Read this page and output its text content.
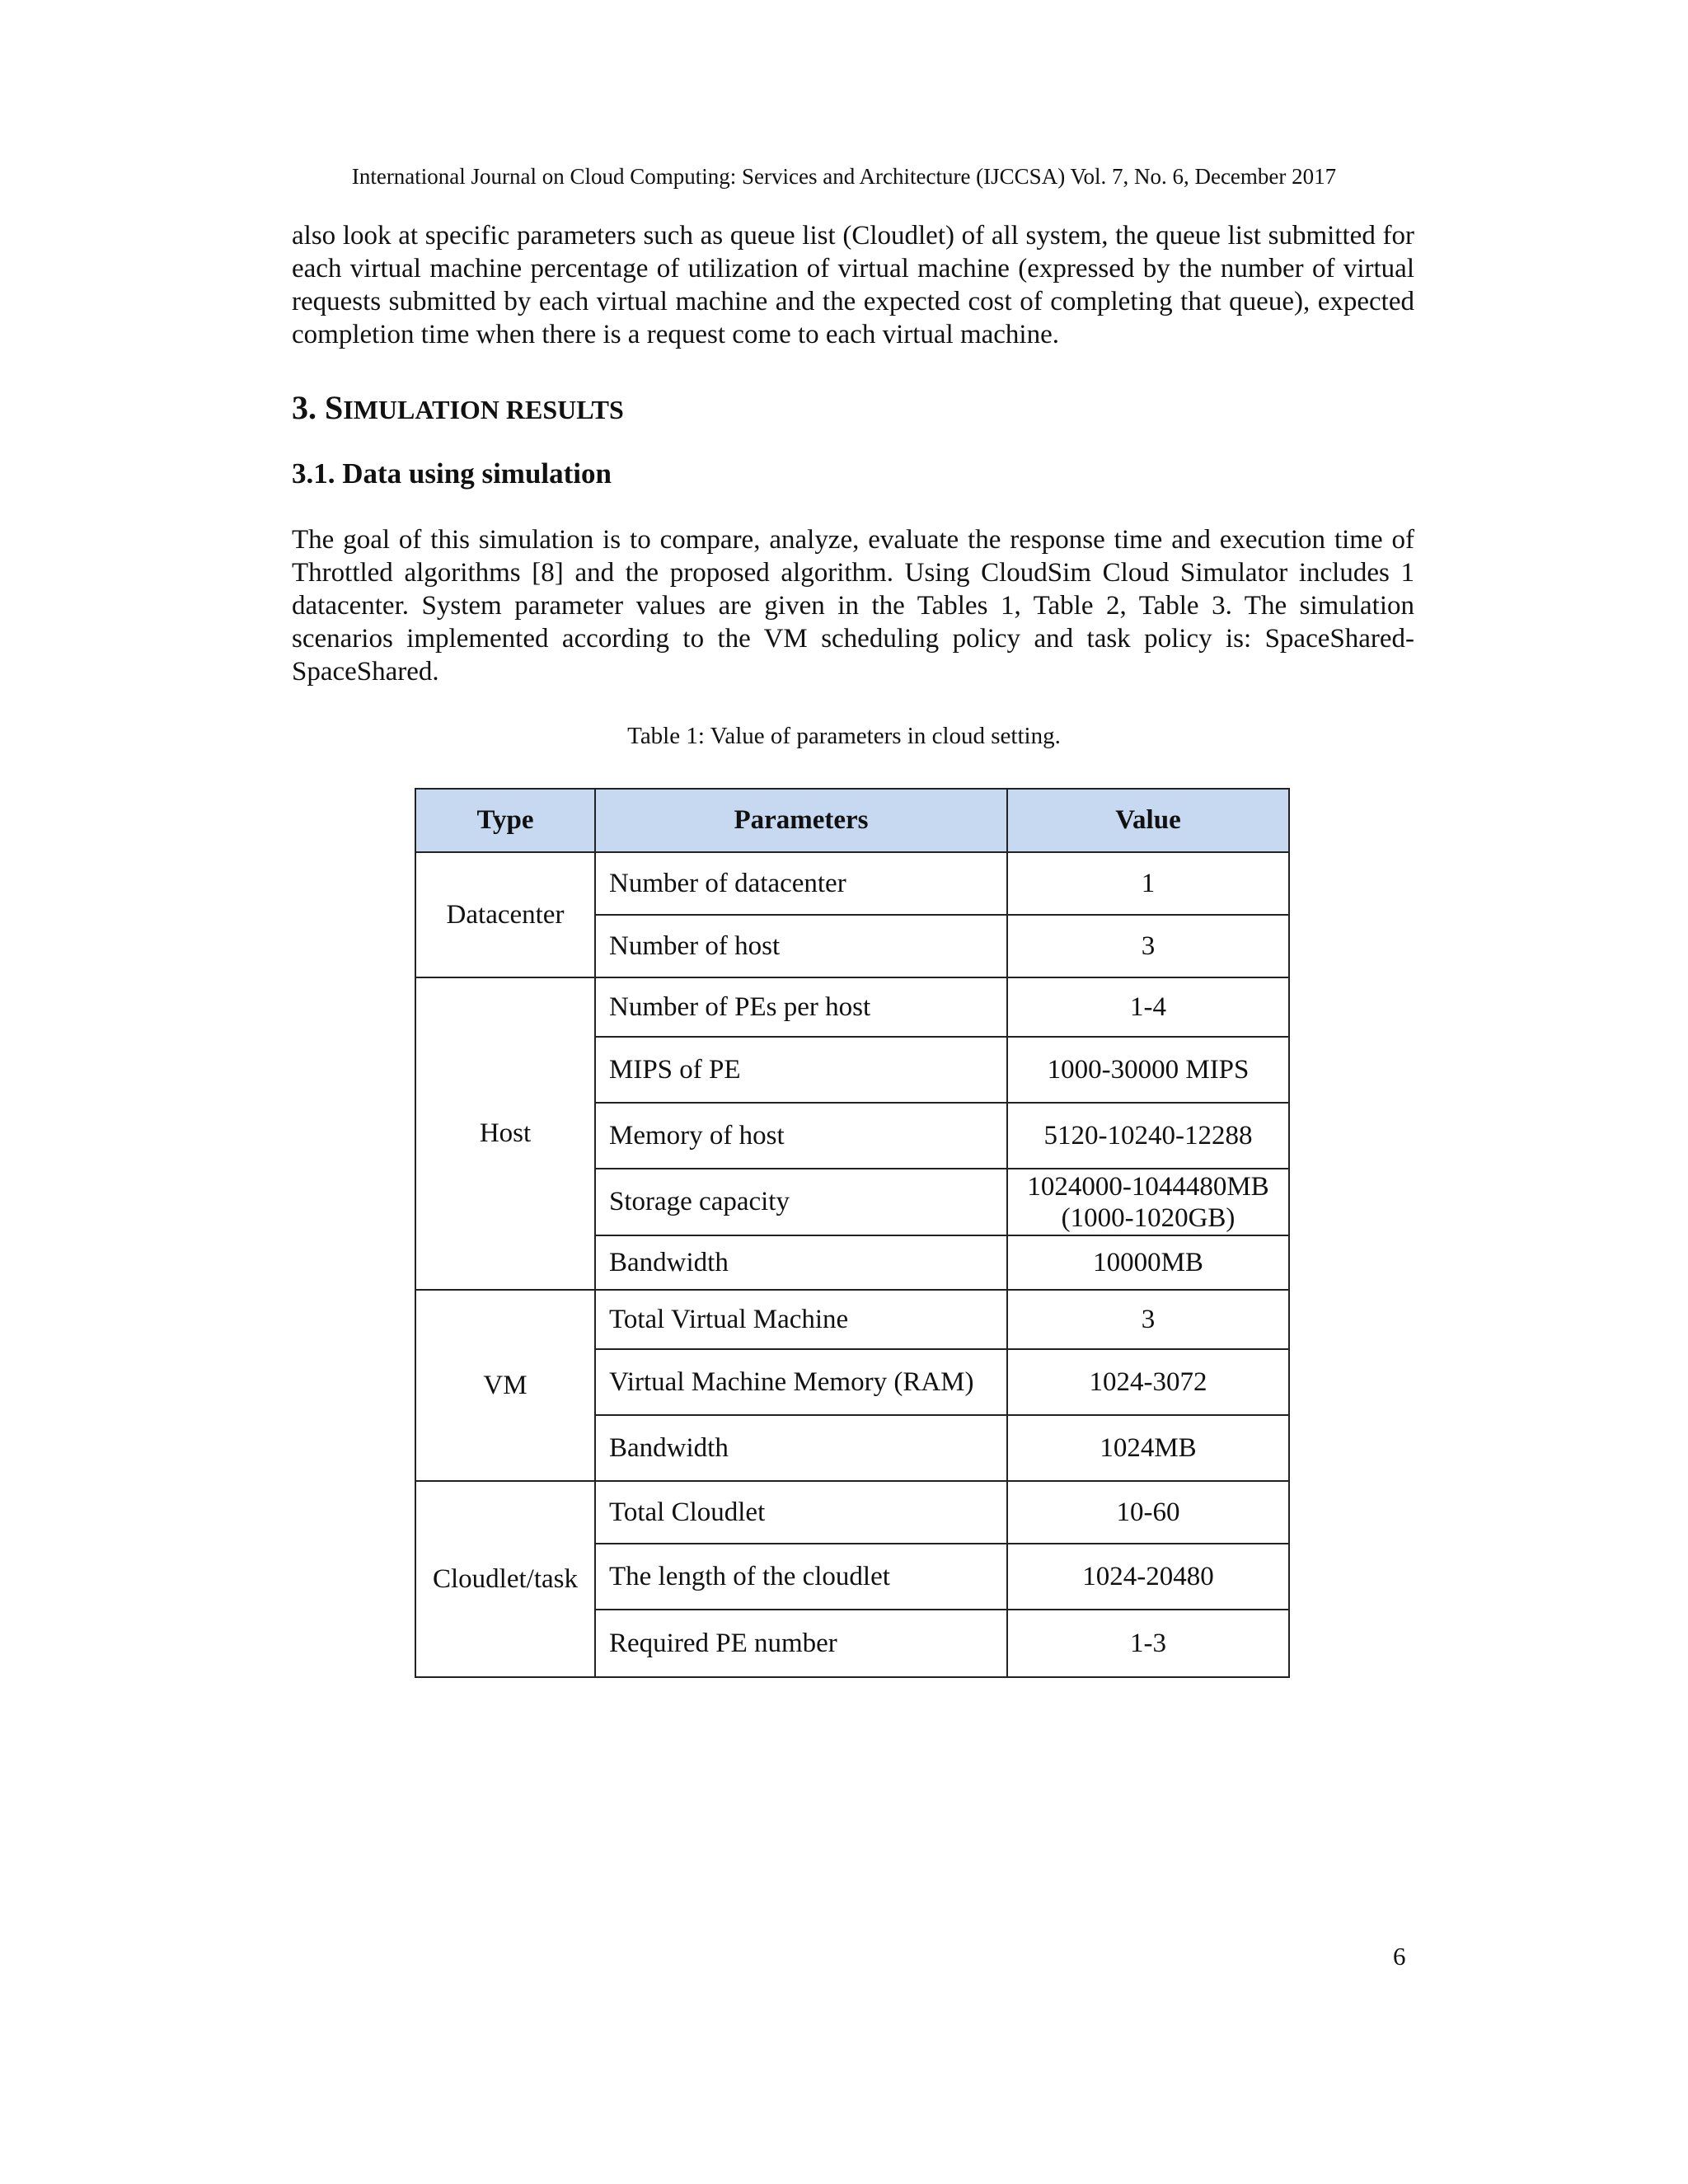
International Journal on Cloud Computing: Services and Architecture (IJCCSA) Vol. 7, No. 6, December 2017

also look at specific parameters such as queue list (Cloudlet) of all system, the queue list submitted for each virtual machine percentage of utilization of virtual machine (expressed by the number of virtual requests submitted by each virtual machine and the expected cost of completing that queue), expected completion time when there is a request come to each virtual machine.

3. SIMULATION RESULTS
3.1. Data using simulation

The goal of this simulation is to compare, analyze, evaluate the response time and execution time of Throttled algorithms [8] and the proposed algorithm. Using CloudSim Cloud Simulator includes 1 datacenter. System parameter values are given in the Tables 1, Table 2, Table 3. The simulation scenarios implemented according to the VM scheduling policy and task policy is: SpaceShared-SpaceShared.

Table 1: Value of parameters in cloud setting.
Type	Parameters	Value
Datacenter	Number of datacenter	1
	Number of host	3
Host	Number of PEs per host	1-4
	MIPS of PE	1000-30000 MIPS
	Memory of host	5120-10240-12288
	Storage capacity	1024000-1044480MB
(1000-1020GB)
	Bandwidth	10000MB
VM	Total Virtual Machine	3
	Virtual Machine Memory (RAM)	1024-3072
	Bandwidth	1024MB
Cloudlet/task	Total Cloudlet	10-60
	The length of the cloudlet	1024-20480
	Required PE number	1-3
6
